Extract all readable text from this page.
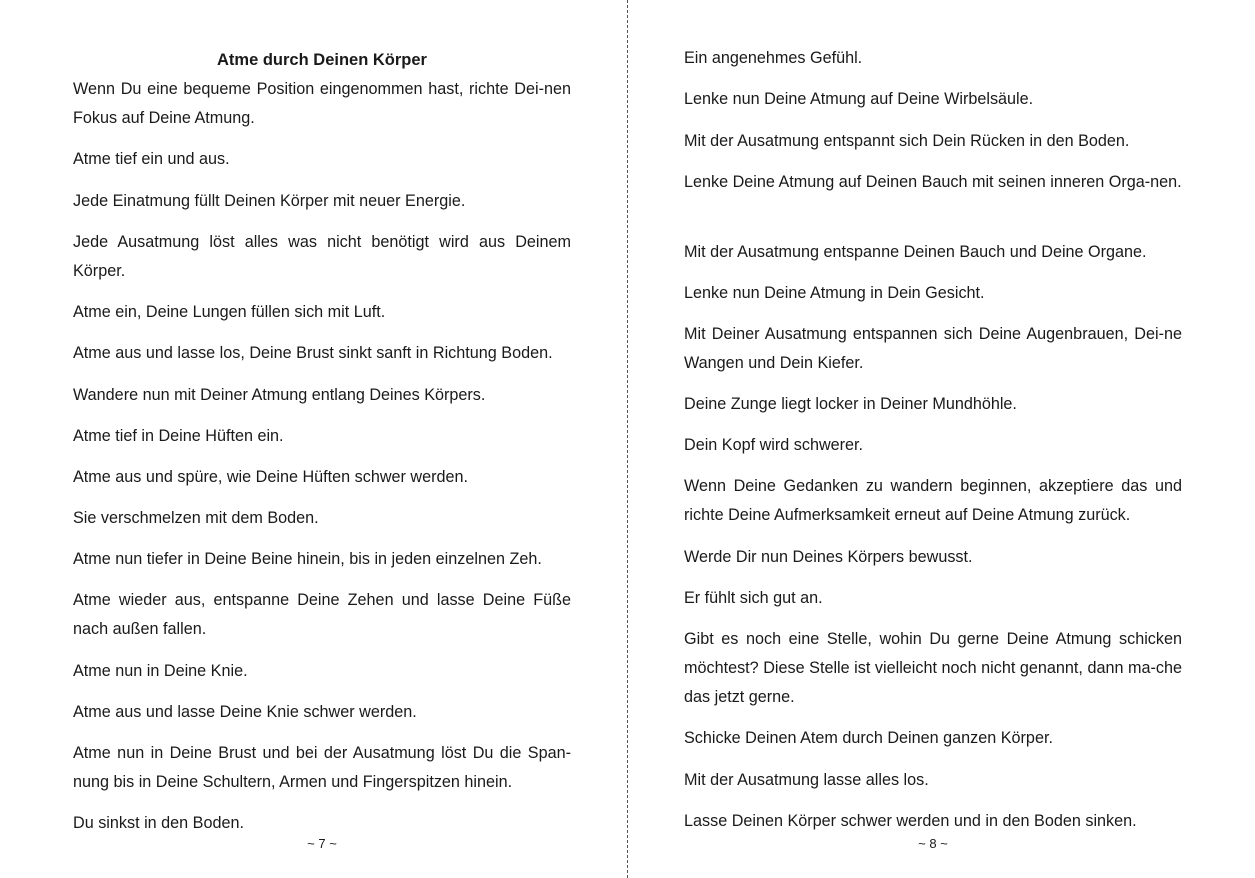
Atme durch Deinen Körper

Wenn Du eine bequeme Position eingenommen hast, richte Dei-nen Fokus auf Deine Atmung.

Atme tief ein und aus.

Jede Einatmung füllt Deinen Körper mit neuer Energie.

Jede Ausatmung löst alles was nicht benötigt wird aus Deinem Körper.

Atme ein, Deine Lungen füllen sich mit Luft.

Atme aus und lasse los, Deine Brust sinkt sanft in Richtung Boden.

Wandere nun mit Deiner Atmung entlang Deines Körpers.

Atme tief in Deine Hüften ein.

Atme aus und spüre, wie Deine Hüften schwer werden.

Sie verschmelzen mit dem Boden.

Atme nun tiefer in Deine Beine hinein, bis in jeden einzelnen Zeh.

Atme wieder aus, entspanne Deine Zehen und lasse Deine Füße nach außen fallen.

Atme nun in Deine Knie.

Atme aus und lasse Deine Knie schwer werden.

Atme nun in Deine Brust und bei der Ausatmung löst Du die Span-nung bis in Deine Schultern, Armen und Fingerspitzen hinein.

Du sinkst in den Boden.

~ 7 ~

Ein angenehmes Gefühl.

Lenke nun Deine Atmung auf Deine Wirbelsäule.

Mit der Ausatmung entspannt sich Dein Rücken in den Boden.

Lenke Deine Atmung auf Deinen Bauch mit seinen inneren Orga-nen.

Mit der Ausatmung entspanne Deinen Bauch und Deine Organe.

Lenke nun Deine Atmung in Dein Gesicht.

Mit Deiner Ausatmung entspannen sich Deine Augenbrauen, Dei-ne Wangen und Dein Kiefer.

Deine Zunge liegt locker in Deiner Mundhöhle.

Dein Kopf wird schwerer.

Wenn Deine Gedanken zu wandern beginnen, akzeptiere das und richte Deine Aufmerksamkeit erneut auf Deine Atmung zurück.

Werde Dir nun Deines Körpers bewusst.

Er fühlt sich gut an.

Gibt es noch eine Stelle, wohin Du gerne Deine Atmung schicken möchtest? Diese Stelle ist vielleicht noch nicht genannt, dann ma-che das jetzt gerne.

Schicke Deinen Atem durch Deinen ganzen Körper.

Mit der Ausatmung lasse alles los.

Lasse Deinen Körper schwer werden und in den Boden sinken.

~ 8 ~
